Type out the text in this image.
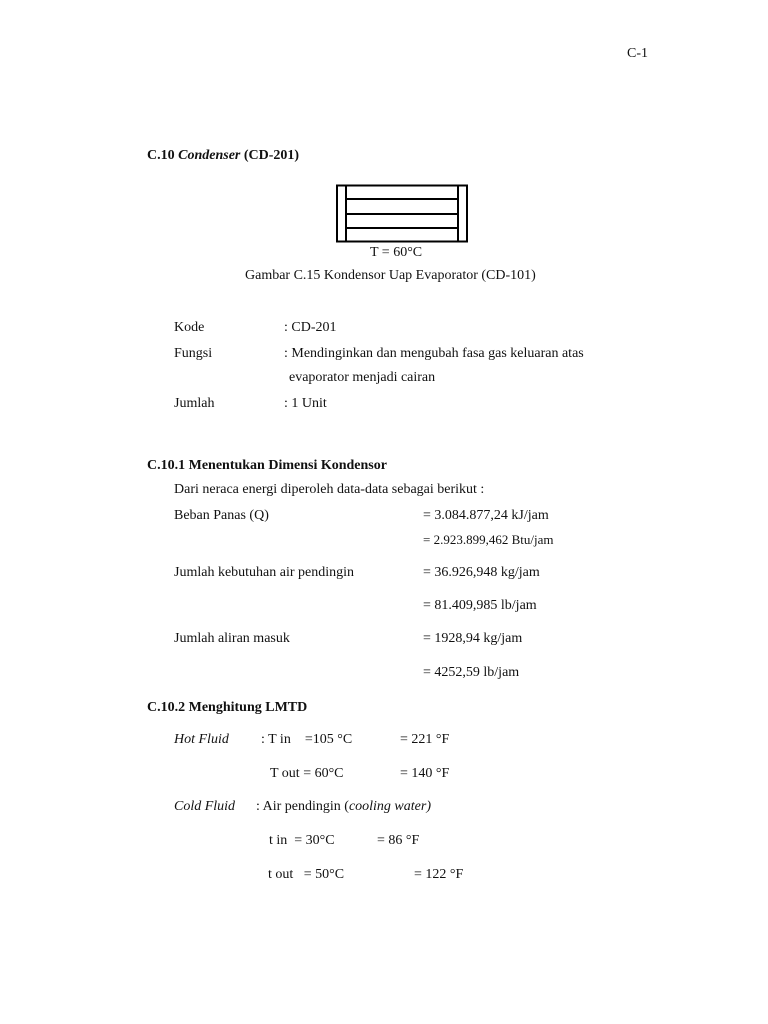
C-1
C.10 Condenser (CD-201)
T = 60°C
Gambar C.15 Kondensor Uap Evaporator (CD-101)
Kode	: CD-201
Fungsi	: Mendinginkan dan mengubah fasa gas keluaran atas
evaporator menjadi cairan
Jumlah	: 1 Unit
C.10.1 Menentukan Dimensi Kondensor
Dari neraca energi diperoleh data-data sebagai berikut :
Beban Panas (Q)	= 3.084.877,24 kJ/jam
= 2.923.899,462 Btu/jam
Jumlah kebutuhan air pendingin	= 36.926,948 kg/jam
= 81.409,985 lb/jam
Jumlah aliran masuk	= 1928,94 kg/jam
= 4252,59 lb/jam
C.10.2 Menghitung LMTD
Hot Fluid : T in    =105 °C	= 221 °F
T out = 60°C	= 140 °F
Cold Fluid : Air pendingin (cooling water)
t in  = 30°C	= 86 °F
t out   = 50°C	= 122 °F
